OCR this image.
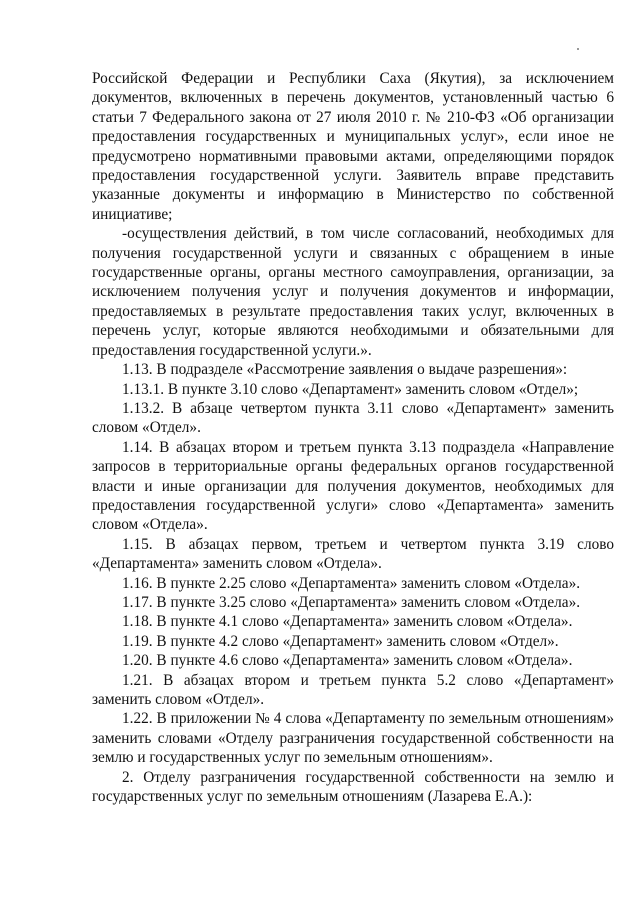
Российской Федерации и Республики Саха (Якутия), за исключением документов, включенных в перечень документов, установленный частью 6 статьи 7 Федерального закона от 27 июля 2010 г. № 210-ФЗ «Об организации предоставления государственных и муниципальных услуг», если иное не предусмотрено нормативными правовыми актами, определяющими порядок предоставления государственной услуги. Заявитель вправе представить указанные документы и информацию в Министерство по собственной инициативе;

-осуществления действий, в том числе согласований, необходимых для получения государственной услуги и связанных с обращением в иные государственные органы, органы местного самоуправления, организации, за исключением получения услуг и получения документов и информации, предоставляемых в результате предоставления таких услуг, включенных в перечень услуг, которые являются необходимыми и обязательными для предоставления государственной услуги.».

1.13. В подразделе «Рассмотрение заявления о выдаче разрешения»:

1.13.1. В пункте 3.10 слово «Департамент» заменить словом «Отдел»;

1.13.2. В абзаце четвертом пункта 3.11 слово «Департамент» заменить словом «Отдел».

1.14. В абзацах втором и третьем пункта 3.13 подраздела «Направление запросов в территориальные органы федеральных органов государственной власти и иные организации для получения документов, необходимых для предоставления государственной услуги» слово «Департамента» заменить словом «Отдела».

1.15. В абзацах первом, третьем и четвертом пункта 3.19 слово «Департамента» заменить словом «Отдела».

1.16. В пункте 2.25 слово «Департамента» заменить словом «Отдела».

1.17. В пункте 3.25 слово «Департамента» заменить словом «Отдела».

1.18. В пункте 4.1 слово «Департамента» заменить словом «Отдела».

1.19. В пункте 4.2 слово «Департамент» заменить словом «Отдел».

1.20. В пункте 4.6 слово «Департамента» заменить словом «Отдела».

1.21. В абзацах втором и третьем пункта 5.2 слово «Департамент» заменить словом «Отдел».

1.22. В приложении № 4 слова «Департаменту по земельным отношениям» заменить словами «Отделу разграничения государственной собственности на землю и государственных услуг по земельным отношениям».

2. Отделу разграничения государственной собственности на землю и государственных услуг по земельным отношениям (Лазарева Е.А.):
